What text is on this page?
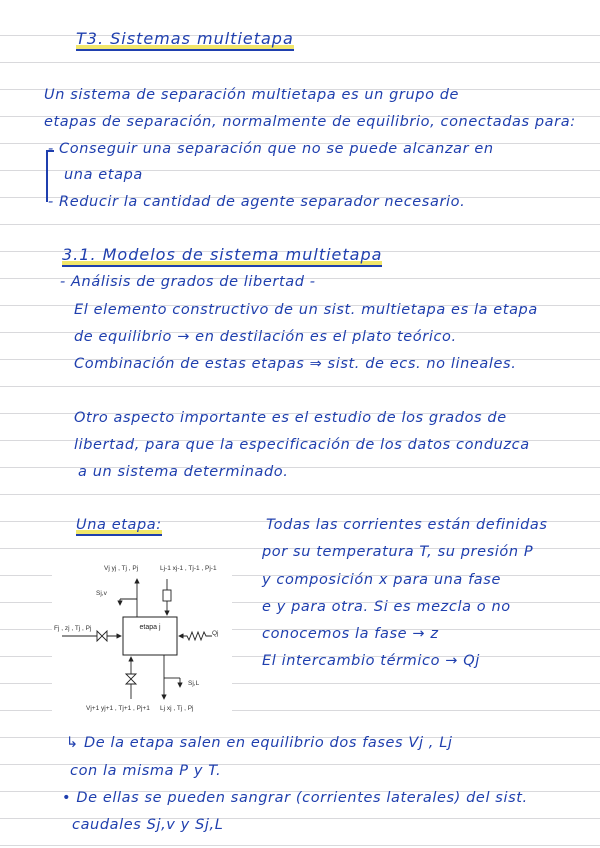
T3. Sistemas multietapa
Un sistema de separación multietapa es un grupo de
etapas de separación, normalmente de equilibrio, conectadas para:
- Conseguir una separación que no se puede alcanzar en
una etapa
- Reducir la cantidad de agente separador necesario.
3.1. Modelos de sistema multietapa
- Análisis de grados de libertad -
El elemento constructivo de un sist. multietapa es la etapa
de equilibrio → en destilación es el plato teórico.
Combinación de estas etapas ⇒ sist. de ecs. no lineales.
Otro aspecto importante es el estudio de los grados de
libertad, para que la especificación de los datos conduzca
a un sistema determinado.
Una etapa:	Todas las corrientes están definidas
por su temperatura T, su presión P
y composición x para una fase
e y para otra. Si es mezcla o no
conocemos la fase → z
El intercambio térmico → Qj
etapa j
Vj yj , Tj , Pj	Lj-1 xj-1 , Tj-1 , Pj-1
Sj,v
Fj , zj , Tj , Pj
Qj
Sj,L
Vj+1 yj+1 , Tj+1 , Pj+1 Lj xj , Tj , Pj
↳ De la etapa salen en equilibrio dos fases Vj , Lj
con la misma P y T.
• De ellas se pueden sangrar (corrientes laterales) del sist.
caudales Sj,v y Sj,L
